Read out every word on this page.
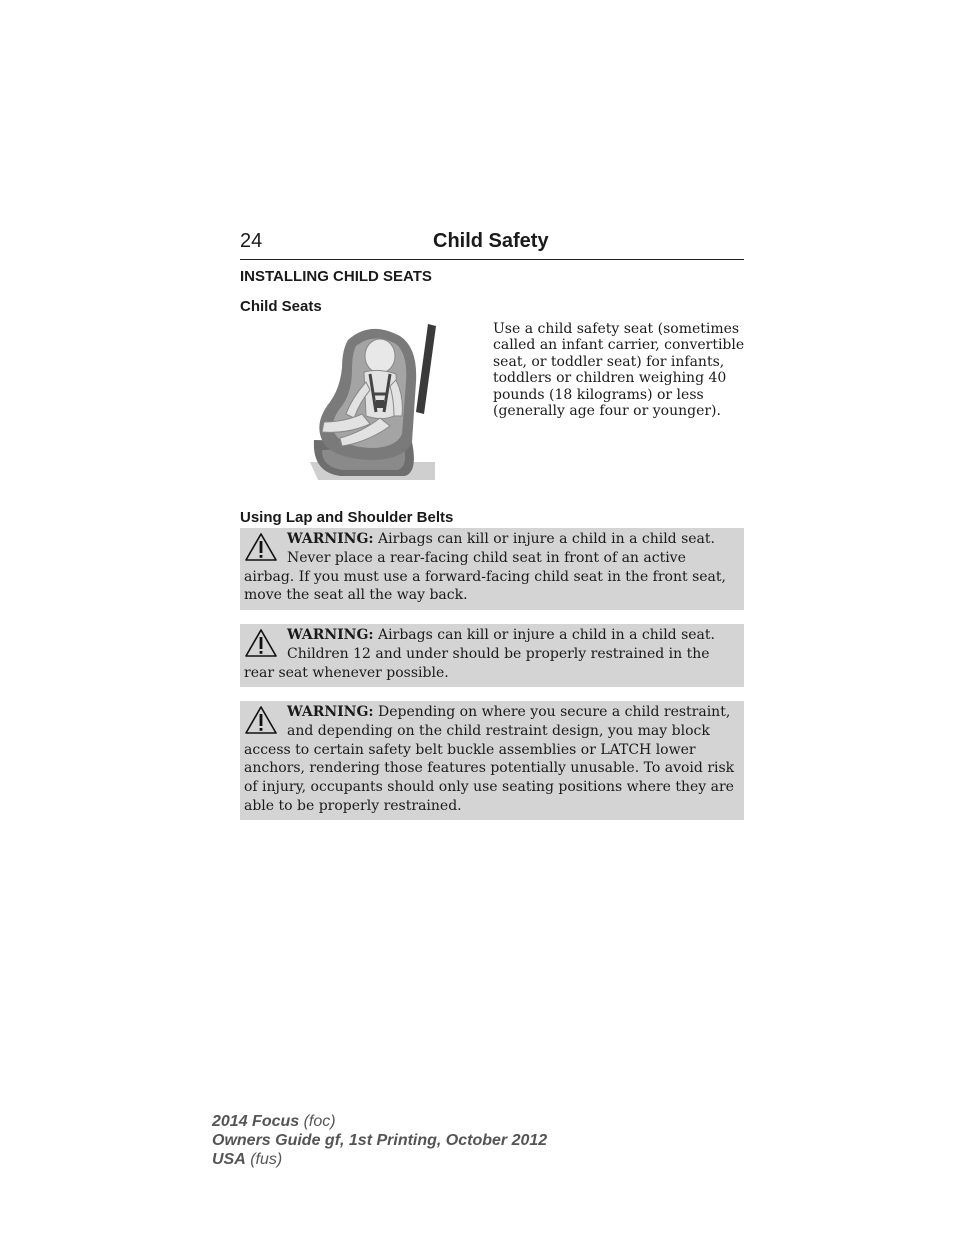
24	Child Safety
INSTALLING CHILD SEATS
Child Seats
Use a child safety seat (sometimes called an infant carrier, convertible seat, or toddler seat) for infants, toddlers or children weighing 40 pounds (18 kilograms) or less (generally age four or younger).
Using Lap and Shoulder Belts
WARNING: Airbags can kill or injure a child in a child seat. Never place a rear-facing child seat in front of an active airbag. If you must use a forward-facing child seat in the front seat, move the seat all the way back.
WARNING: Airbags can kill or injure a child in a child seat. Children 12 and under should be properly restrained in the rear seat whenever possible.
WARNING: Depending on where you secure a child restraint, and depending on the child restraint design, you may block access to certain safety belt buckle assemblies or LATCH lower anchors, rendering those features potentially unusable. To avoid risk of injury, occupants should only use seating positions where they are able to be properly restrained.
2014 Focus (foc)
Owners Guide gf, 1st Printing, October 2012
USA (fus)
